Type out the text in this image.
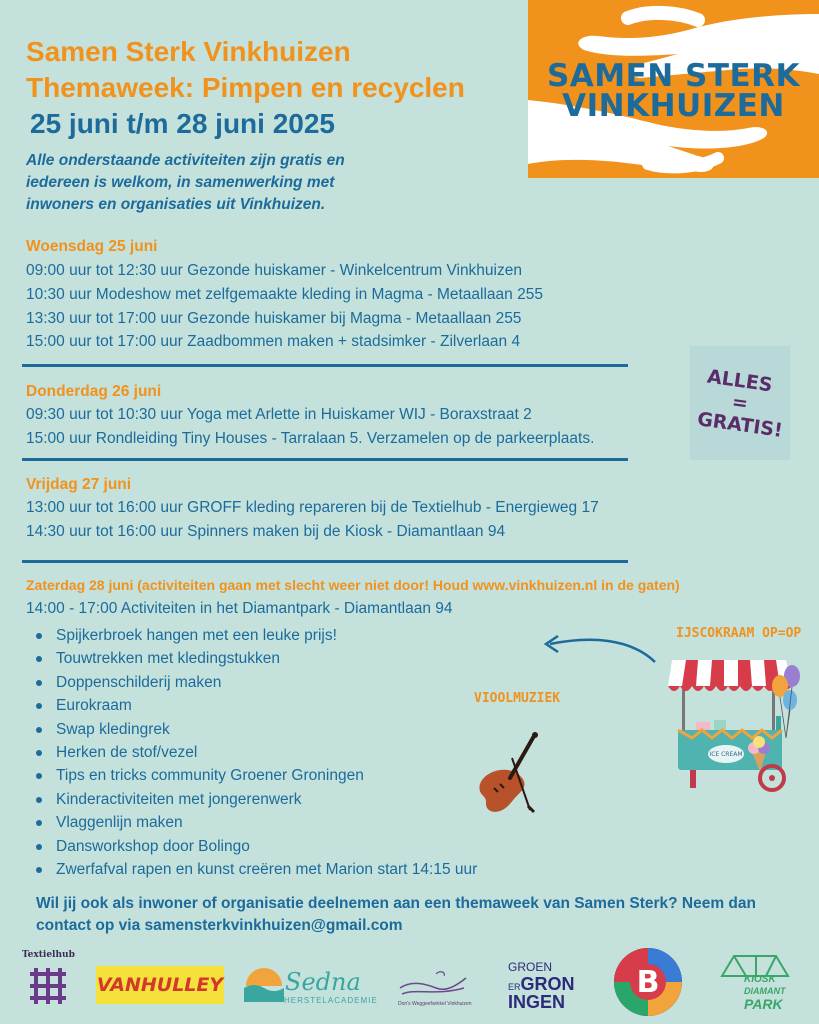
Samen Sterk Vinkhuizen
Themaweek: Pimpen en recyclen
25 juni t/m 28 juni 2025
Alle onderstaande activiteiten zijn gratis en iedereen is welkom, in samenwerking met inwoners en organisaties uit Vinkhuizen.
SAMEN STERK
VINKHUIZEN
Woensdag 25 juni
09:00 uur tot 12:30 uur Gezonde huiskamer - Winkelcentrum Vinkhuizen
10:30 uur Modeshow met zelfgemaakte kleding in Magma - Metaallaan 255
13:30 uur tot 17:00 uur Gezonde huiskamer bij Magma - Metaallaan 255
15:00 uur tot 17:00 uur Zaadbommen maken + stadsimker - Zilverlaan 4
Donderdag 26 juni
09:30 uur tot 10:30 uur Yoga met Arlette in Huiskamer WIJ - Boraxstraat 2
15:00 uur Rondleiding Tiny Houses - Tarralaan 5. Verzamelen op de parkeerplaats.
ALLES
=
GRATIS!
Vrijdag 27 juni
13:00 uur tot 16:00 uur GROFF kleding repareren bij de Textielhub - Energieweg 17
14:30 uur tot 16:00 uur Spinners maken bij de Kiosk - Diamantlaan 94
Zaterdag 28 juni (activiteiten gaan met slecht weer niet door! Houd www.vinkhuizen.nl in de gaten)
14:00 - 17:00 Activiteiten in het Diamantpark - Diamantlaan 94
Spijkerbroek hangen met een leuke prijs!
Touwtrekken met kledingstukken
Doppenschilderij maken
Eurokraam
Swap kledingrek
Herken de stof/vezel
Tips en tricks community Groener Groningen
Kinderactiviteiten met jongerenwerk
Vlaggenlijn maken
Dansworkshop door Bolingo
Zwerfafval rapen en kunst creëren met Marion start 14:15 uur
IJSCOKRAAM OP=OP
ICE CREAM
VIOOLMUZIEK
Wil jij ook als inwoner of organisatie deelnemen aan een themaweek van Samen Sterk? Neem dan contact op via samensterkvinkhuizen@gmail.com
Textielhub
VANHULLEY	Sedna
HERSTELACADEMIE	Don's Weggeefwinkel Vinkhuizen
GROEN
ERGRON
INGEN
B	KIOSK
DIAMANT
PARK
